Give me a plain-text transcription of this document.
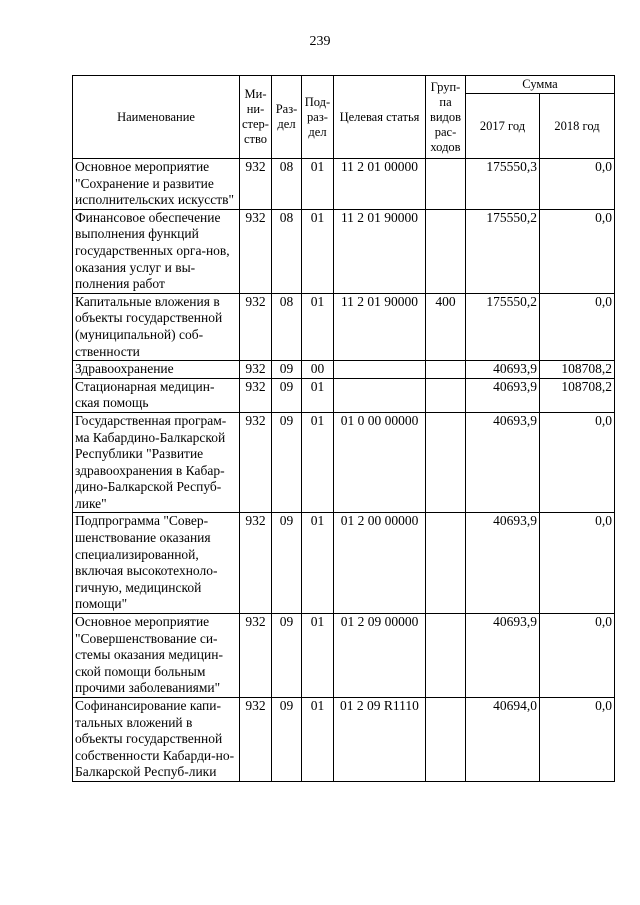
239
Наименование	Ми-ни-стер-ство	Раз-дел	Под-раз-дел	Целевая статья	Груп-па видов рас-ходов	Сумма	
						2017 год	2018 год
Основное мероприятие "Сохранение и развитие исполнительских искусств"	932	08	01	11 2 01 00000		175550,3	0,0
Финансовое обеспечение выполнения функций государственных орга-нов, оказания услуг и вы-полнения работ	932	08	01	11 2 01 90000		175550,2	0,0
Капитальные вложения в объекты государственной (муниципальной) соб-ственности	932	08	01	11 2 01 90000	400	175550,2	0,0
Здравоохранение	932	09	00			40693,9	108708,2
Стационарная медицин-ская помощь	932	09	01			40693,9	108708,2
Государственная програм-ма Кабардино-Балкарской Республики "Развитие здравоохранения в Кабар-дино-Балкарской Респуб-лике"	932	09	01	01 0 00 00000		40693,9	0,0
Подпрограмма "Совер-шенствование оказания специализированной, включая высокотехноло-гичную, медицинской помощи"	932	09	01	01 2 00 00000		40693,9	0,0
Основное мероприятие "Совершенствование си-стемы оказания медицин-ской помощи больным прочими заболеваниями"	932	09	01	01 2 09 00000		40693,9	0,0
Софинансирование капи-тальных вложений в объекты государственной собственности Кабарди-но- Балкарской Респуб-лики	932	09	01	01 2 09 R1110		40694,0	0,0
